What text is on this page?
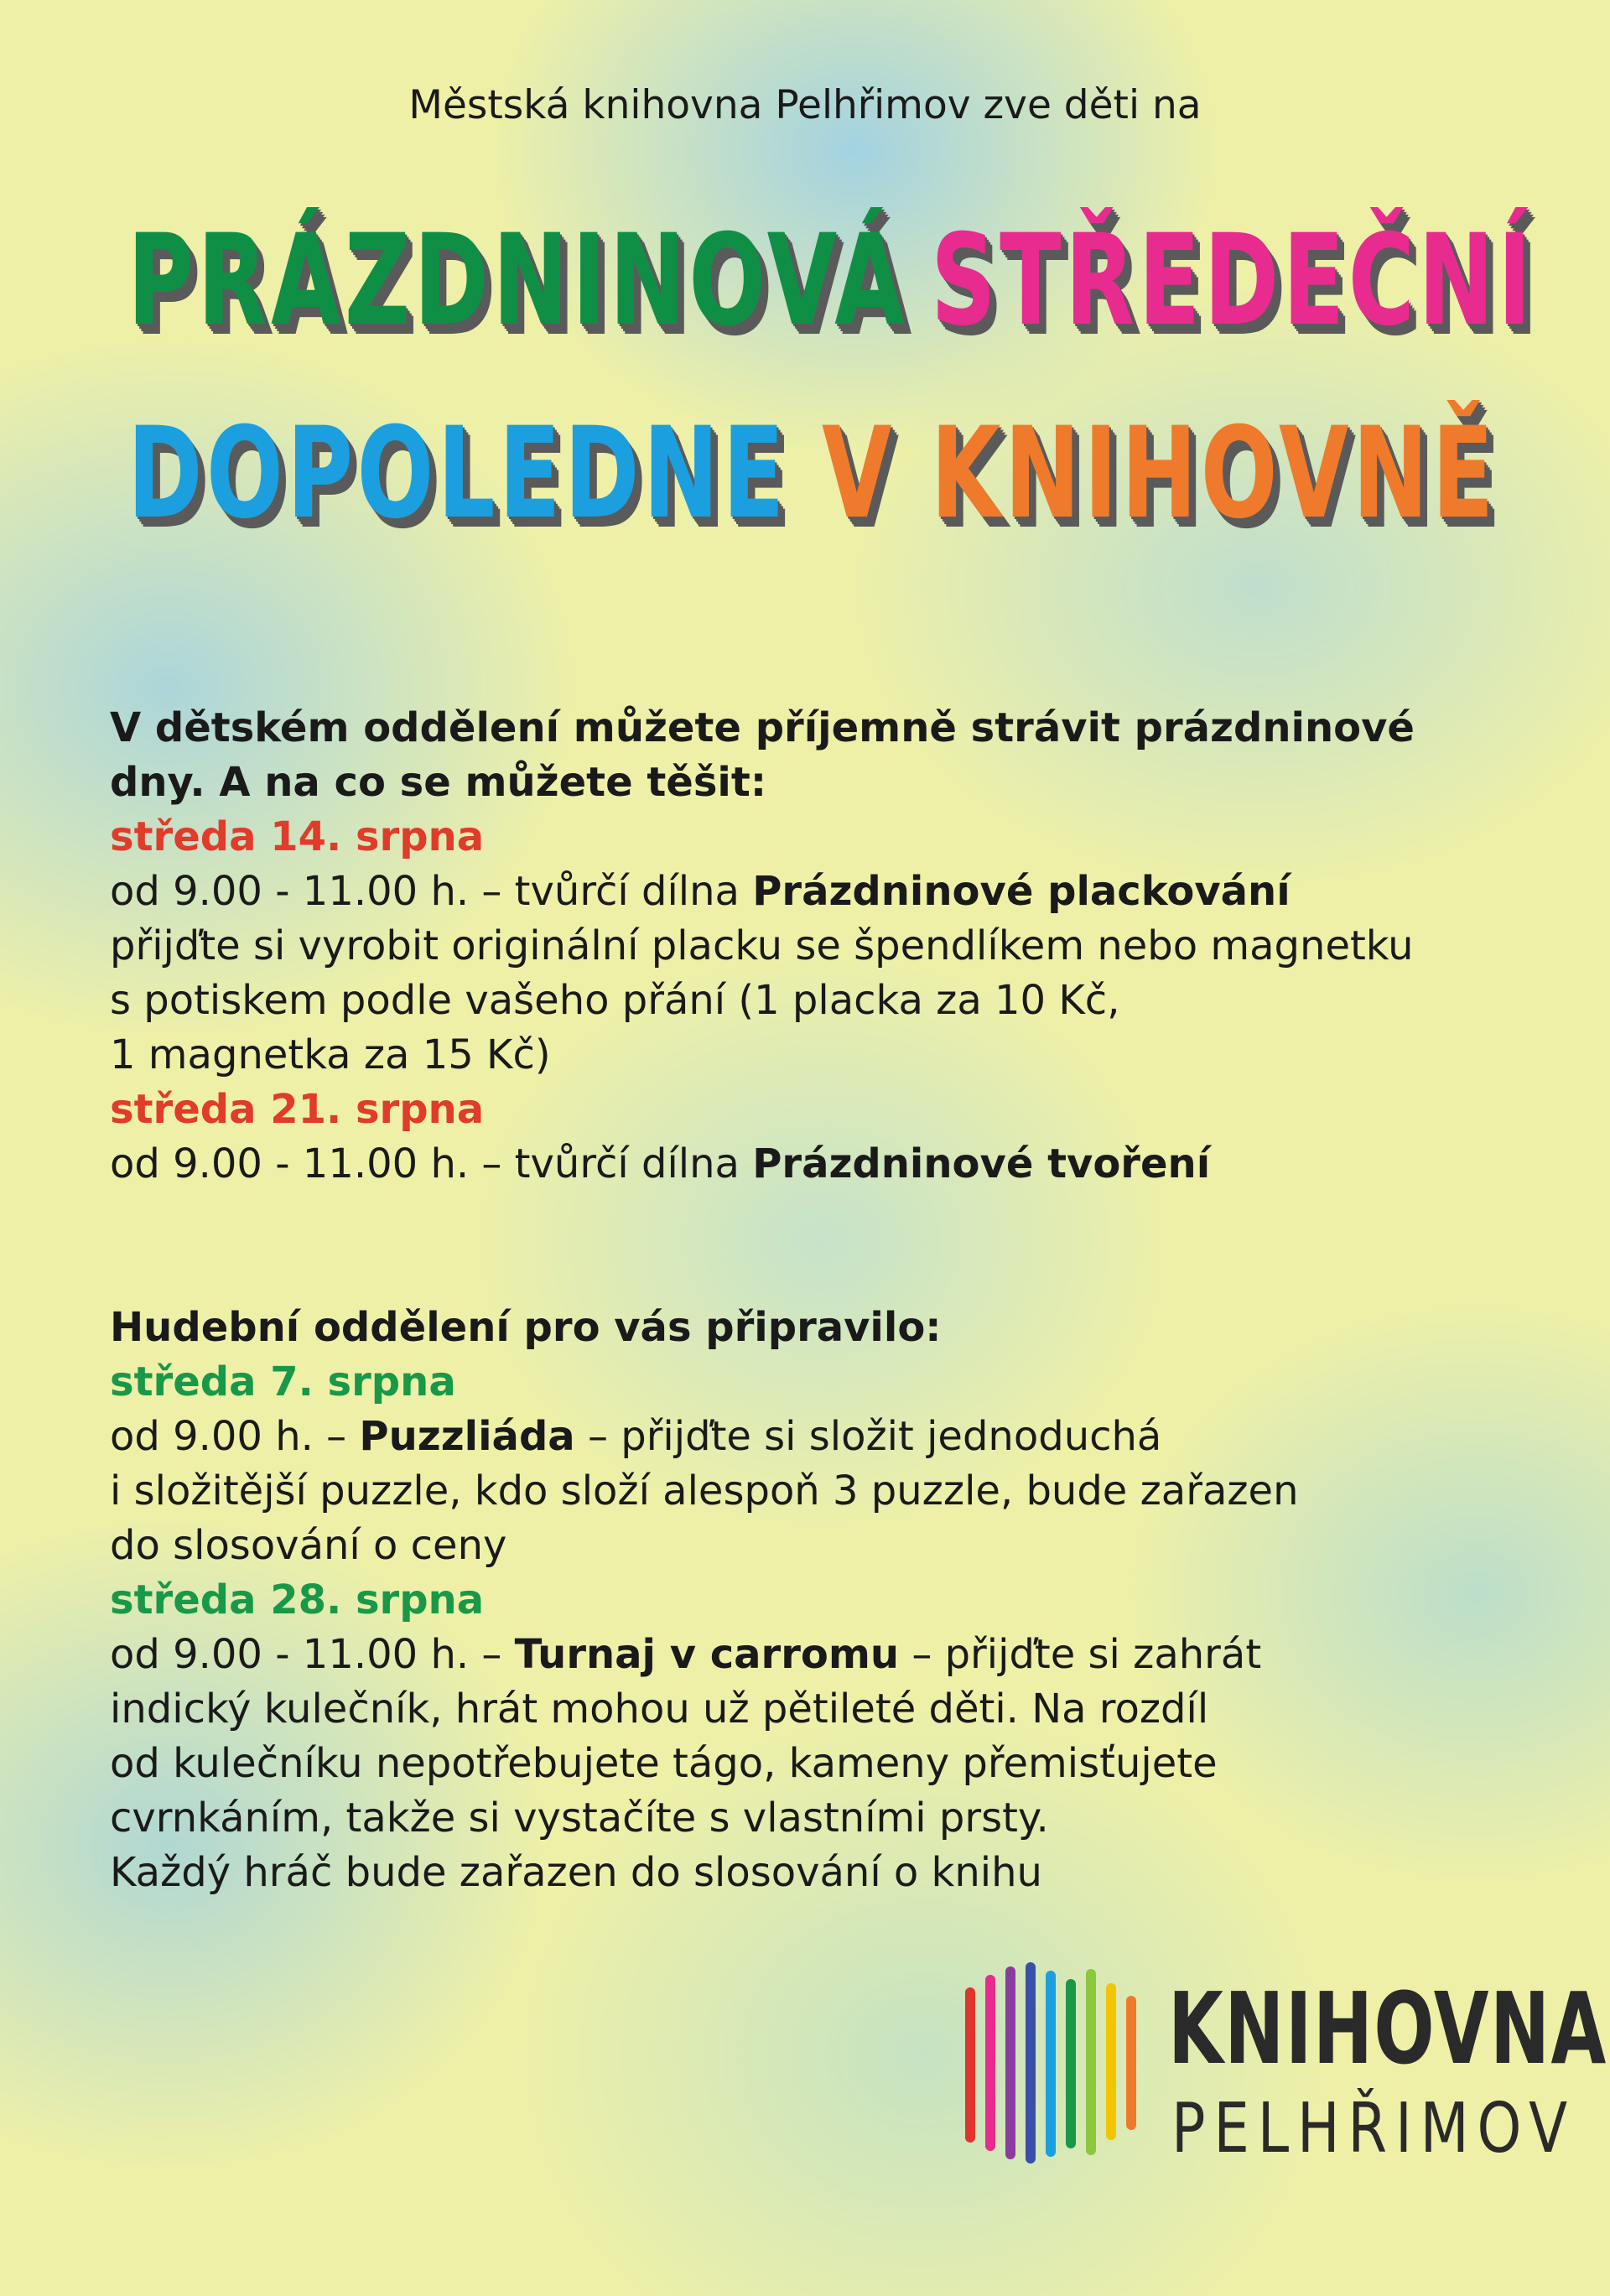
Městská knihovna Pelhřimov zve děti na
PRÁZDNINOVÁ STŘEDEČNÍ
DOPOLEDNE V KNIHOVNĚ

V dětském oddělení můžete příjemně strávit prázdninové

dny. A na co se můžete těšit:

středa 14. srpna

od 9.00 - 11.00 h. – tvůrčí dílna Prázdninové plackování

přijďte si vyrobit originální placku se špendlíkem nebo magnetku

s potiskem podle vašeho přání (1 placka za 10 Kč,

1 magnetka za 15 Kč)

středa 21. srpna

od 9.00 - 11.00 h. – tvůrčí dílna Prázdninové tvoření

Hudební oddělení pro vás připravilo:

středa 7. srpna

od 9.00 h. – Puzzliáda – přijďte si složit jednoduchá

i složitější puzzle, kdo složí alespoň 3 puzzle, bude zařazen

do slosování o ceny

středa 28. srpna

od 9.00 - 11.00 h. – Turnaj v carromu – přijďte si zahrát

indický kulečník, hrát mohou už pětileté děti. Na rozdíl

od kulečníku nepotřebujete tágo, kameny přemisťujete

cvrnkáním, takže si vystačíte s vlastními prsty.

Každý hráč bude zařazen do slosování o knihu

KNIHOVNA
PELHŘIMOV
